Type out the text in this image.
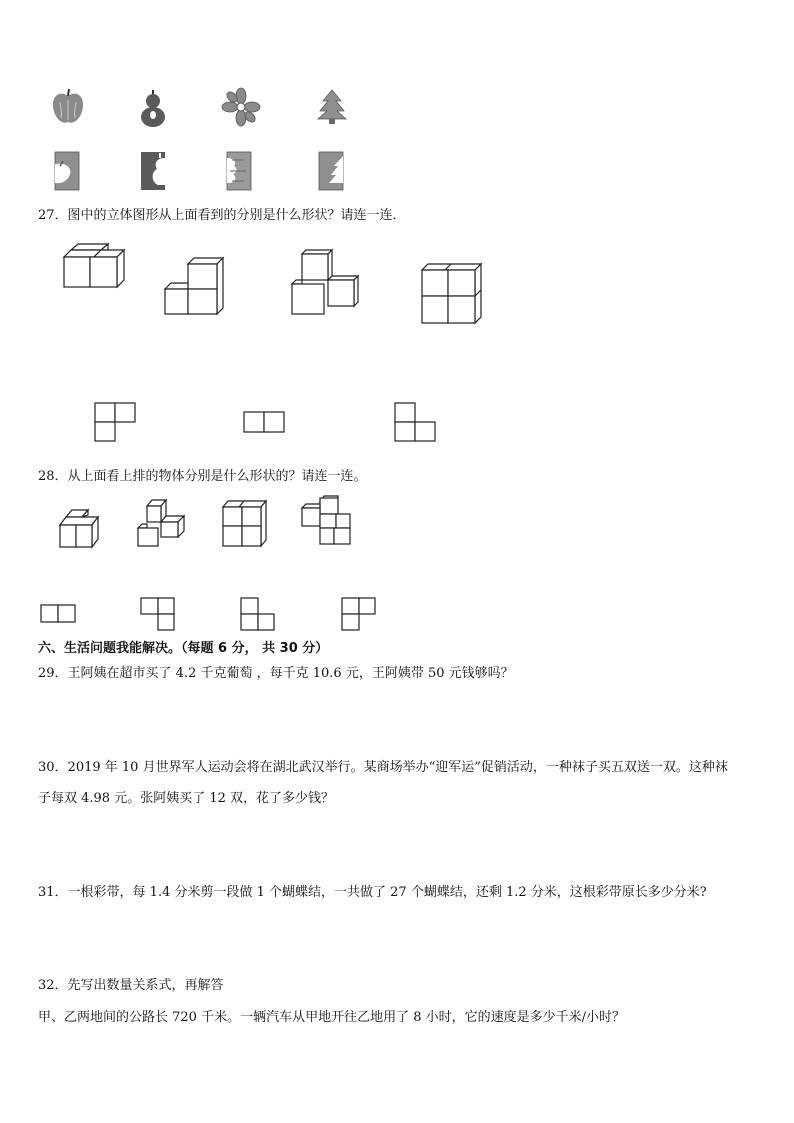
27．图中的立体图形从上面看到的分别是什么形状？请连一连．
28．从上面看上排的物体分别是什么形状的？请连一连。
六、生活问题我能解决。（每题 6 分， 共 30 分）
29．王阿姨在超市买了 4.2 千克葡萄 ，每千克 10.6 元，王阿姨带 50 元钱够吗？
30．2019 年 10 月世界军人运动会将在湖北武汉举行。某商场举办“迎军运”促销活动，一种袜子买五双送一双。这种袜
子每双 4.98 元。张阿姨买了 12 双，花了多少钱？
31．一根彩带，每 1.4 分米剪一段做 1 个蝴蝶结，一共做了 27 个蝴蝶结，还剩 1.2 分米，这根彩带原长多少分米?
32．先写出数量关系式，再解答
甲、乙两地间的公路长 720 千米。一辆汽车从甲地开往乙地用了 8 小时，它的速度是多少千米/小时？
